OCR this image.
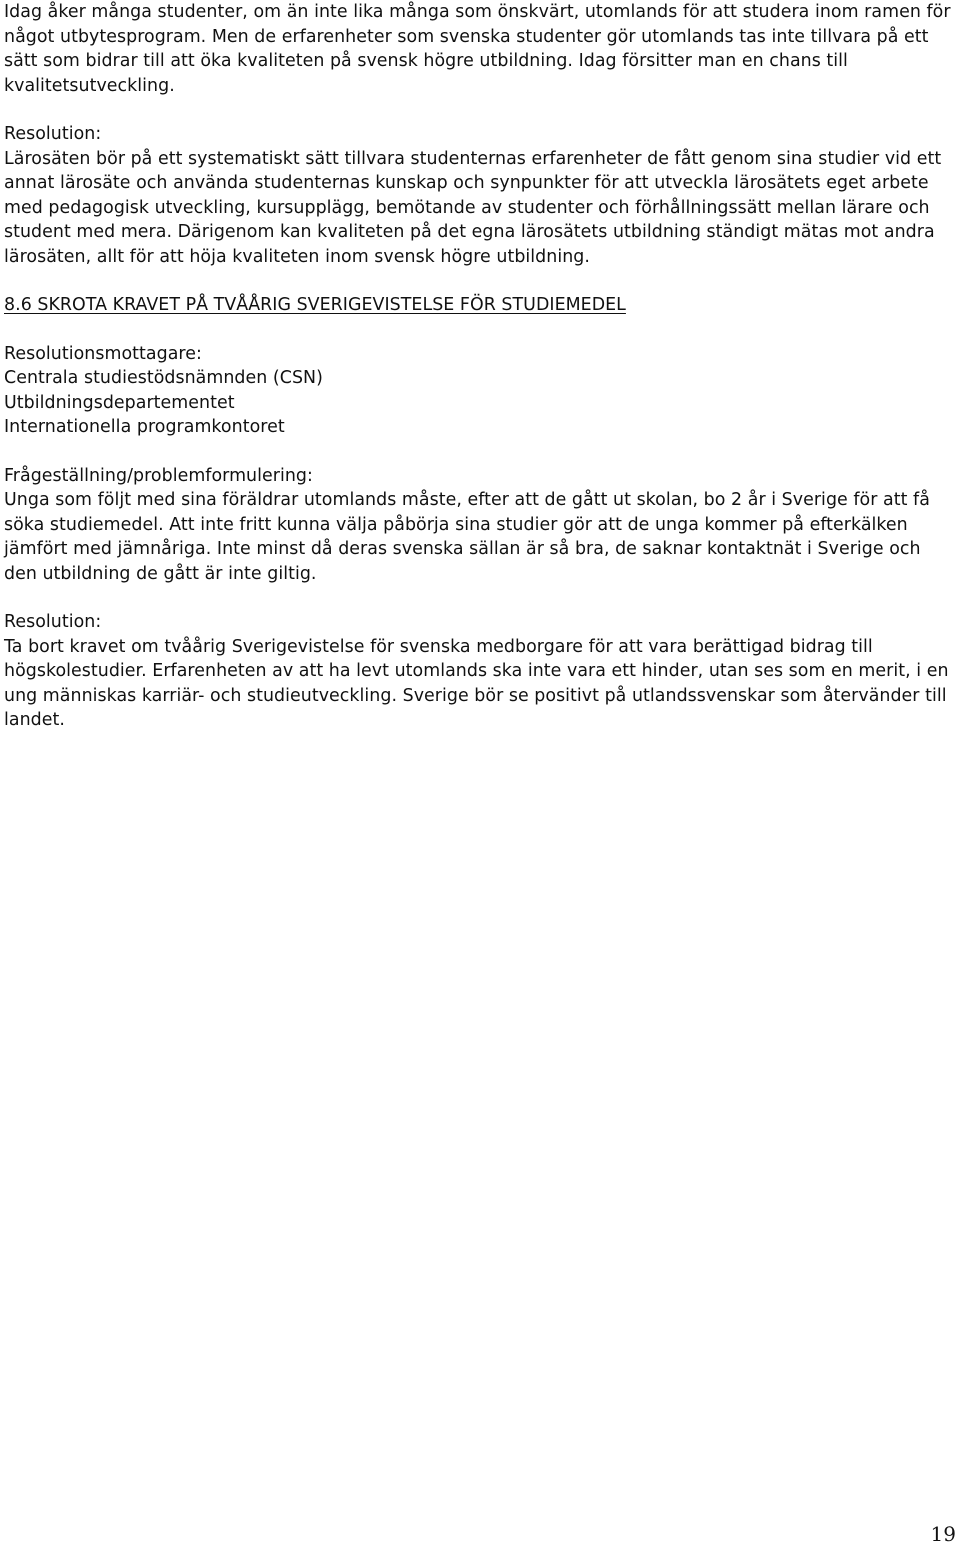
Idag åker många studenter, om än inte lika många som önskvärt, utomlands för att studera inom ramen för något utbytesprogram. Men de erfarenheter som svenska studenter gör utomlands tas inte tillvara på ett sätt som bidrar till att öka kvaliteten på svensk högre utbildning. Idag försitter man en chans till kvalitetsutveckling.

Resolution:

Lärosäten bör på ett systematiskt sätt tillvara studenternas erfarenheter de fått genom sina studier vid ett annat lärosäte och använda studenternas kunskap och synpunkter för att utveckla lärosätets eget arbete med pedagogisk utveckling, kursupplägg, bemötande av studenter och förhållningssätt mellan lärare och student med mera. Därigenom kan kvaliteten på det egna lärosätets utbildning ständigt mätas mot andra lärosäten, allt för att höja kvaliteten inom svensk högre utbildning.

8.6 SKROTA KRAVET PÅ TVÅÅRIG SVERIGEVISTELSE FÖR STUDIEMEDEL

Resolutionsmottagare:

Centrala studiestödsnämnden (CSN)

Utbildningsdepartementet

Internationella programkontoret

Frågeställning/problemformulering:

Unga som följt med sina föräldrar utomlands måste, efter att de gått ut skolan, bo 2 år i Sverige för att få söka studiemedel. Att inte fritt kunna välja påbörja sina studier gör att de unga kommer på efterkälken jämfört med jämnåriga. Inte minst då deras svenska sällan är så bra, de saknar kontaktnät i Sverige och den utbildning de gått är inte giltig.

Resolution:

Ta bort kravet om tvåårig Sverigevistelse för svenska medborgare för att vara berättigad bidrag till högskolestudier. Erfarenheten av att ha levt utomlands ska inte vara ett hinder, utan ses som en merit, i en ung människas karriär- och studieutveckling. Sverige bör se positivt på utlandssvenskar som återvänder till landet.

19
